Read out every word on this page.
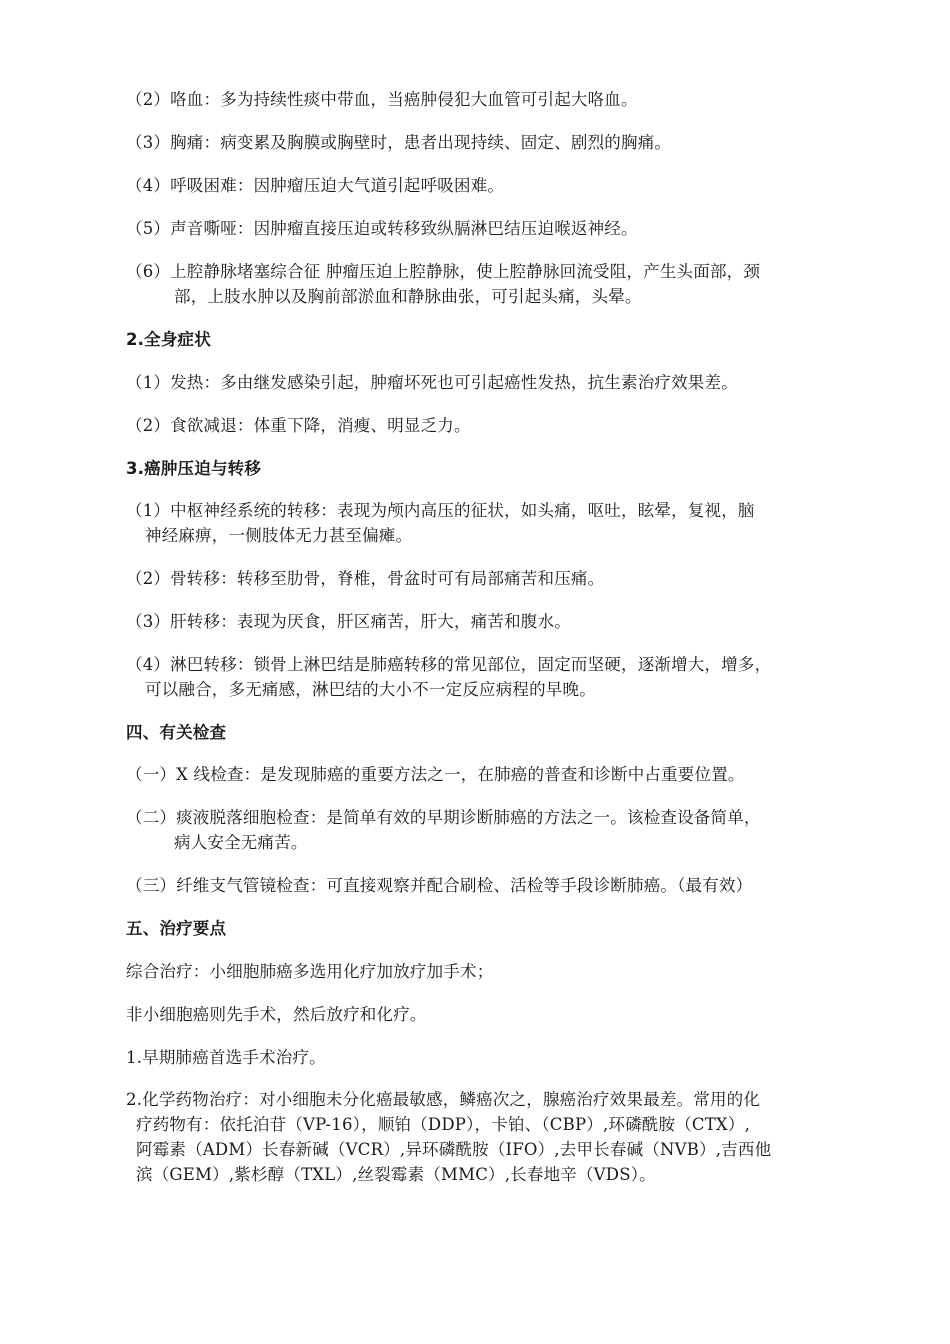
（2）咯血：多为持续性痰中带血，当癌肿侵犯大血管可引起大咯血。
（3）胸痛：病变累及胸膜或胸壁时，患者出现持续、固定、剧烈的胸痛。
（4）呼吸困难：因肿瘤压迫大气道引起呼吸困难。
（5）声音嘶哑：因肿瘤直接压迫或转移致纵膈淋巴结压迫喉返神经。
（6）上腔静脉堵塞综合征 肿瘤压迫上腔静脉，使上腔静脉回流受阻，产生头面部，颈
部，上肢水肿以及胸前部淤血和静脉曲张，可引起头痛，头晕。
2.全身症状
（1）发热：多由继发感染引起，肿瘤坏死也可引起癌性发热，抗生素治疗效果差。
（2）食欲减退：体重下降，消瘦、明显乏力。
3.癌肿压迫与转移
（1）中枢神经系统的转移：表现为颅内高压的征状，如头痛，呕吐，眩晕，复视，脑
神经麻痹，一侧肢体无力甚至偏瘫。
（2）骨转移：转移至肋骨，脊椎，骨盆时可有局部痛苦和压痛。
（3）肝转移：表现为厌食，肝区痛苦，肝大，痛苦和腹水。
（4）淋巴转移：锁骨上淋巴结是肺癌转移的常见部位，固定而坚硬，逐渐增大，增多，
可以融合，多无痛感，淋巴结的大小不一定反应病程的早晚。
四、有关检查
（一）X 线检查：是发现肺癌的重要方法之一，在肺癌的普查和诊断中占重要位置。
（二）痰液脱落细胞检查：是简单有效的早期诊断肺癌的方法之一。该检查设备简单，
病人安全无痛苦。
（三）纤维支气管镜检查：可直接观察并配合刷检、活检等手段诊断肺癌。（最有效）
五、治疗要点
综合治疗：小细胞肺癌多选用化疗加放疗加手术；
非小细胞癌则先手术，然后放疗和化疗。
1.早期肺癌首选手术治疗。
2.化学药物治疗：对小细胞未分化癌最敏感，鳞癌次之，腺癌治疗效果最差。常用的化
疗药物有：依托泊苷（VP-16），顺铂（DDP），卡铂、（CBP）,环磷酰胺（CTX）,
阿霉素（ADM）长春新碱（VCR）,异环磷酰胺（IFO）,去甲长春碱（NVB）,吉西他
滨（GEM）,紫杉醇（TXL）,丝裂霉素（MMC）,长春地辛（VDS）。
